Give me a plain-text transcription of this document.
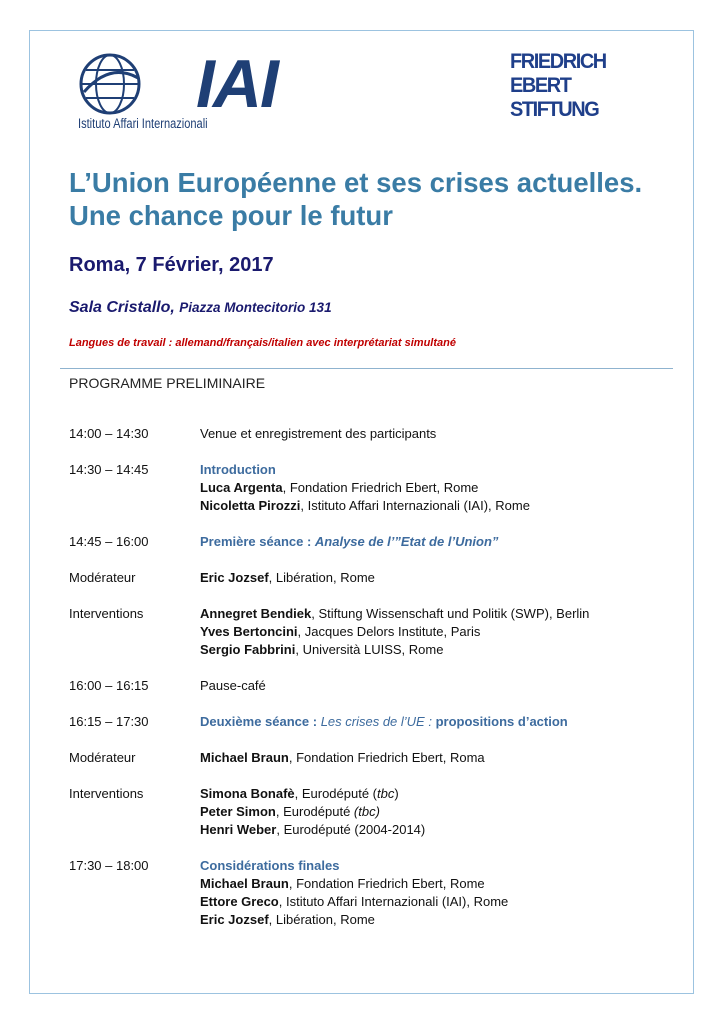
IAI
Istituto Affari Internazionali
FRIEDRICH
EBERT
STIFTUNG
L’Union Européenne et ses crises actuelles.
Une chance pour le futur
Roma, 7 Février, 2017
Sala Cristallo, Piazza Montecitorio 131
Langues de travail : allemand/français/italien avec interprétariat simultané
PROGRAMME PRELIMINAIRE
14:00 – 14:30	Venue et enregistrement des participants
14:30 – 14:45	Introduction
Luca Argenta, Fondation Friedrich Ebert, Rome
Nicoletta Pirozzi, Istituto Affari Internazionali (IAI), Rome
14:45 – 16:00	Première séance : Analyse de l’”Etat de l’Union”
Modérateur	Eric Jozsef, Libération, Rome
Interventions	Annegret Bendiek, Stiftung Wissenschaft und Politik (SWP), Berlin
Yves Bertoncini, Jacques Delors Institute, Paris
Sergio Fabbrini, Università LUISS, Rome
16:00 – 16:15	Pause-café
16:15 – 17:30	Deuxième séance : Les crises de l’UE : propositions d’action
Modérateur	Michael Braun, Fondation Friedrich Ebert, Roma
Interventions	Simona Bonafè, Eurodéputé (tbc)
Peter Simon, Eurodéputé (tbc)
Henri Weber, Eurodéputé (2004-2014)
17:30 – 18:00	Considérations finales
Michael Braun, Fondation Friedrich Ebert, Rome
Ettore Greco, Istituto Affari Internazionali (IAI), Rome
Eric Jozsef, Libération, Rome
